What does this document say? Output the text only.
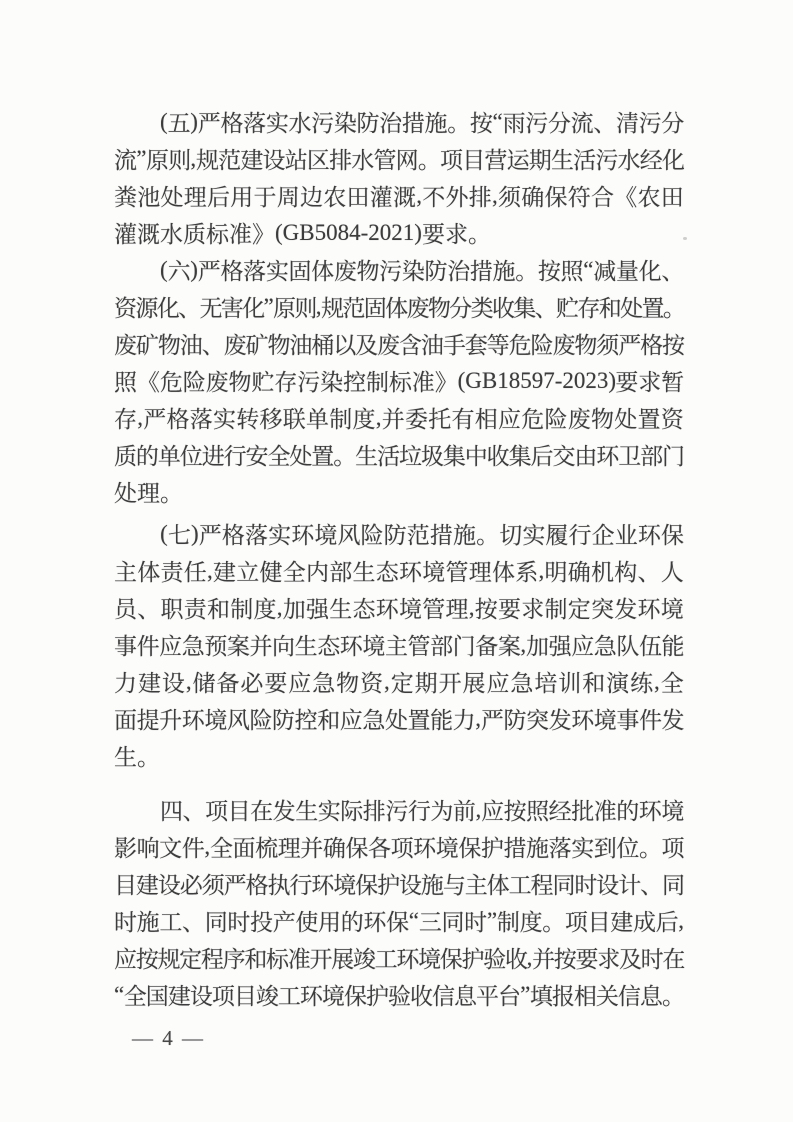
( 五 ) 严 格 落 实 水 污 染 防 治 措 施 。 按 “ 雨 污 分 流 、 清 污 分
流 ” 原 则 , 规 范 建 设 站 区 排 水 管 网 。 项 目 营 运 期 生 活 污 水 经 化
粪 池 处 理 后 用 于 周 边 农 田 灌 溉 , 不 外 排 , 须 确 保 符 合 《 农 田
灌 溉 水 质 标 准 》 (GB5084-2021) 要 求 。
( 六 ) 严 格 落 实 固 体 废 物 污 染 防 治 措 施 。 按 照 “ 减 量 化 、
资
源
化
、
无
害
化
” 原
则
, 规
范
固
体
废
物
分
类
收
集
、
贮
存
和
处
置
。
废
矿
物
油
、
废
矿
物
油
桶
以
及
废
含
油
手
套
等
危
险
废
物
须
严
格
按
照 《 危 险 废 物 贮 存 污 染 控 制 标 准 》 (GB18597-2023) 要 求 暂
存 , 严 格 落 实 转 移 联 单 制 度 , 并 委 托 有 相 应 危 险 废 物 处 置 资
质
的
单
位
进
行
安
全
处
置
。
生
活
垃
圾
集
中
收
集
后
交
由
环
卫
部
门
处 理 。
( 七 ) 严 格 落 实 环 境 风 险 防 范 措 施 。 切 实 履 行 企 业 环 保
主 体 责 任 , 建 立 健 全 内 部 生 态 环 境 管 理 体 系 , 明 确 机 构 、 人
员 、 职 责 和 制 度 , 加 强 生 态 环 境 管 理 , 按 要 求 制 定 突 发 环 境
事 件 应 急 预 案 并 向 生 态 环 境 主 管 部 门 备 案 , 加 强 应 急 队 伍 能
力 建 设 , 储 备 必 要 应 急 物 资 , 定 期 开 展 应 急 培 训 和 演 练 , 全
面 提 升 环 境 风 险 防 控 和 应 急 处 置 能 力 , 严 防 突 发 环 境 事 件 发
生 。
四 、 项 目 在 发 生 实 际 排 污 行 为 前 , 应 按 照 经 批 准 的 环 境
影 响 文 件 , 全 面 梳 理 并 确 保 各 项 环 境 保 护 措 施 落 实 到 位 。 项
目
建
设
必
须
严
格
执
行
环
境
保
护
设
施
与
主
体
工
程
同
时
设
计
、
同
时 施 工 、 同 时 投 产 使 用 的 环 保 “ 三 同 时 ” 制 度 。 项 目 建 成 后 ,
应
按
规
定
程
序
和
标
准
开
展
竣
工
环
境
保
护
验
收
, 并
按
要
求
及
时
在
“ 全 国 建 设 项 目 竣 工 环 境 保 护 验 收 信 息 平 台 ” 填 报 相 关 信 息 。
— 4 —
